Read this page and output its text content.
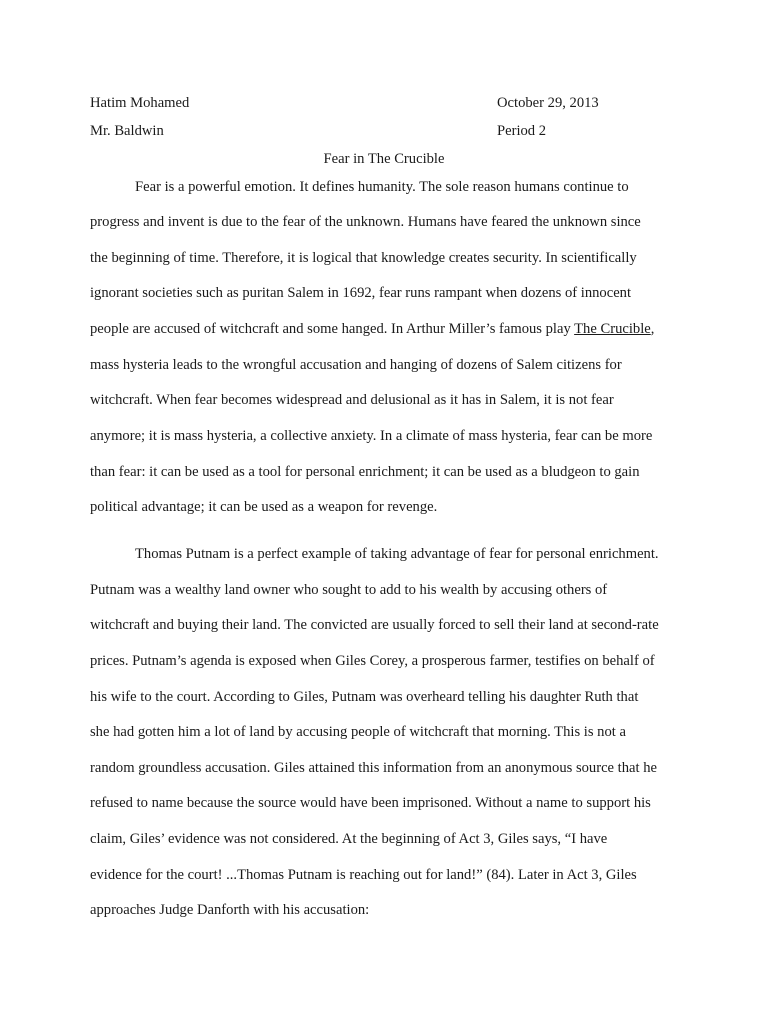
Hatim Mohamed	October 29, 2013
Mr. Baldwin	Period 2
Fear in The Crucible
Fear is a powerful emotion. It defines humanity. The sole reason humans continue to
progress and invent is due to the fear of the unknown. Humans have feared the unknown since
the beginning of time. Therefore, it is logical that knowledge creates security. In scientifically
ignorant societies such as puritan Salem in 1692, fear runs rampant when dozens of innocent
people are accused of witchcraft and some hanged. In Arthur Miller’s famous play The Crucible,
mass hysteria leads to the wrongful accusation and hanging of dozens of Salem citizens for
witchcraft. When fear becomes widespread and delusional as it has in Salem, it is not fear
anymore; it is mass hysteria, a collective anxiety. In a climate of mass hysteria, fear can be more
than fear: it can be used as a tool for personal enrichment; it can be used as a bludgeon to gain
political advantage; it can be used as a weapon for revenge.
Thomas Putnam is a perfect example of taking advantage of fear for personal enrichment.
Putnam was a wealthy land owner who sought to add to his wealth by accusing others of
witchcraft and buying their land. The convicted are usually forced to sell their land at second-rate
prices. Putnam’s agenda is exposed when Giles Corey, a prosperous farmer, testifies on behalf of
his wife to the court. According to Giles, Putnam was overheard telling his daughter Ruth that
she had gotten him a lot of land by accusing people of witchcraft that morning. This is not a
random groundless accusation. Giles attained this information from an anonymous source that he
refused to name because the source would have been imprisoned. Without a name to support his
claim, Giles’ evidence was not considered. At the beginning of Act 3, Giles says, “I have
evidence for the court! ...Thomas Putnam is reaching out for land!” (84). Later in Act 3, Giles
approaches Judge Danforth with his accusation:
